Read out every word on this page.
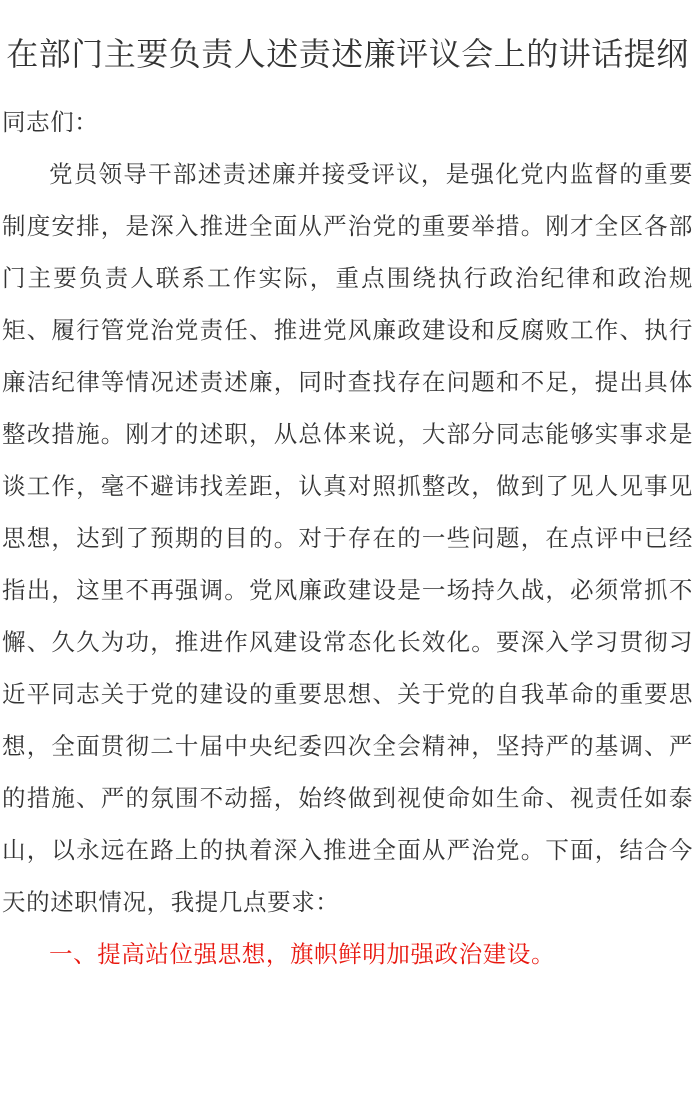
在部门主要负责人述责述廉评议会上的讲话提纲

同志们：

党员领导干部述责述廉并接受评议，是强化党内监督的重要制度安排，是深入推进全面从严治党的重要举措。刚才全区各部门主要负责人联系工作实际，重点围绕执行政治纪律和政治规矩、履行管党治党责任、推进党风廉政建设和反腐败工作、执行廉洁纪律等情况述责述廉，同时查找存在问题和不足，提出具体整改措施。刚才的述职，从总体来说，大部分同志能够实事求是谈工作，毫不避讳找差距，认真对照抓整改，做到了见人见事见思想，达到了预期的目的。对于存在的一些问题，在点评中已经指出，这里不再强调。党风廉政建设是一场持久战，必须常抓不懈、久久为功，推进作风建设常态化长效化。要深入学习贯彻习近平同志关于党的建设的重要思想、关于党的自我革命的重要思想，全面贯彻二十届中央纪委四次全会精神，坚持严的基调、严的措施、严的氛围不动摇，始终做到视使命如生命、视责任如泰山，以永远在路上的执着深入推进全面从严治党。下面，结合今天的述职情况，我提几点要求：

一、提高站位强思想，旗帜鲜明加强政治建设。
